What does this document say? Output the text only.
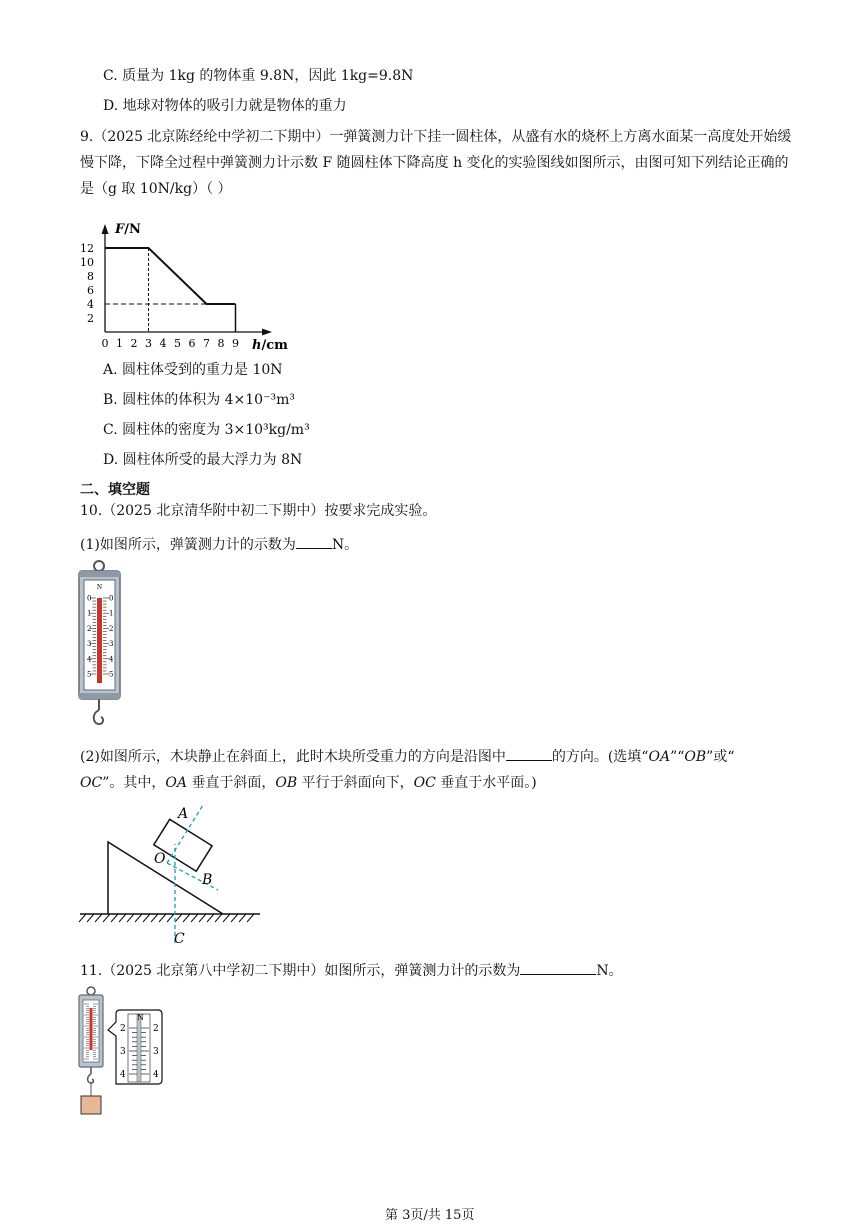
C. 质量为 1kg 的物体重 9.8N，因此 1kg=9.8N
D. 地球对物体的吸引力就是物体的重力
9.（2025 北京陈经纶中学初二下期中）一弹簧测力计下挂一圆柱体，从盛有水的烧杯上方离水面某一高度处开始缓慢下降，下降全过程中弹簧测力计示数 F 随圆柱体下降高度 h 变化的实验图线如图所示，由图可知下列结论正确的是（g 取 10N/kg）（ ）
F/N
h/cm
0 1 2 3 4 5 6 7 8 9
2
4
6
8
10
12
A. 圆柱体受到的重力是 10N
B. 圆柱体的体积为 4×10⁻³m³
C. 圆柱体的密度为 3×10³kg/m³
D. 圆柱体所受的最大浮力为 8N
二、填空题
10.（2025 北京清华附中初二下期中）按要求完成实验。
(1)如图所示，弹簧测力计的示数为	N。
N
0
1
2
3
4
5
0
1
2
3
4
5
(2)如图所示，木块静止在斜面上，此时木块所受重力的方向是沿图中	的方向。(选填“OA”“OB”或“
OC”。其中，OA 垂直于斜面，OB 平行于斜面向下，OC 垂直于水平面。)
A
B
C
O
11.（2025 北京第八中学初二下期中）如图所示，弹簧测力计的示数为	N。
N
2	2
3	3
4	4
第 3页/共 15页
